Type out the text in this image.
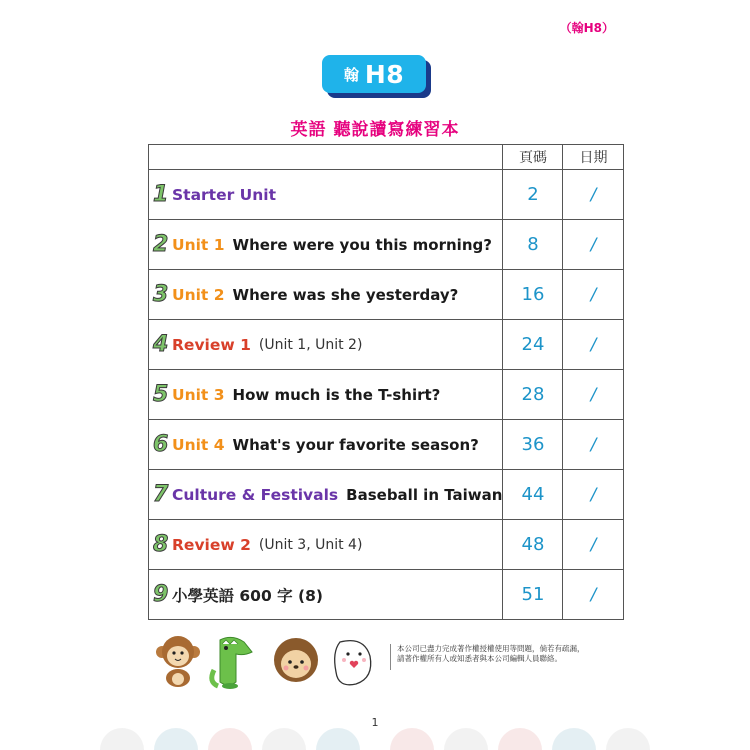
（翰H8）
翰 H8
英語 聽說讀寫練習本
	頁碼	日期

1 Starter Unit	2	/

2 Unit 1 Where were you this morning?	8	/

3 Unit 2 Where was she yesterday?	16	/

4 Review 1 (Unit 1, Unit 2)	24	/

5 Unit 3 How much is the T-shirt?	28	/

6 Unit 4 What's your favorite season?	36	/

7 Culture & Festivals Baseball in Taiwan	44	/

8 Review 2 (Unit 3, Unit 4)	48	/

9 小學英語 600 字 (8)	51	/
本公司已盡力完成著作權授權使用等問題，倘若有疏漏，
請著作權所有人或知悉者與本公司編輯人員聯絡。
1
